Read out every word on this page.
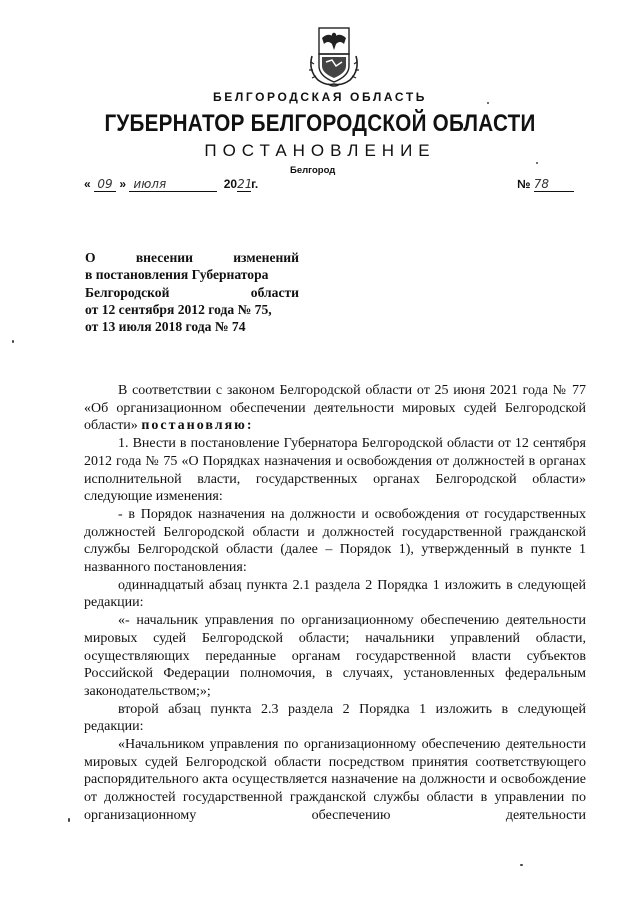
БЕЛГОРОДСКАЯ ОБЛАСТЬ
ГУБЕРНАТОР БЕЛГОРОДСКОЙ ОБЛАСТИ
ПОСТАНОВЛЕНИЕ
Белгород
« 09 » июля	2021г.	№ 78
О	внесении	изменений
в постановления Губернатора
Белгородской	области
от 12 сентября 2012 года № 75,
от 13 июля 2018 года № 74

В соответствии с законом Белгородской области от 25 июня 2021 года № 77 «Об организационном обеспечении деятельности мировых судей Белгородской области» постановляю:

1. Внести в постановление Губернатора Белгородской области от 12 сентября 2012 года № 75 «О Порядках назначения и освобождения от должностей в органах исполнительной власти, государственных органах Белгородской области» следующие изменения:

- в Порядок назначения на должности и освобождения от государственных должностей Белгородской области и должностей государственной гражданской службы Белгородской области (далее – Порядок 1), утвержденный в пункте 1 названного постановления:

одиннадцатый абзац пункта 2.1 раздела 2 Порядка 1 изложить в следующей редакции:

«- начальник управления по организационному обеспечению деятельности мировых судей Белгородской области; начальники управлений области, осуществляющих переданные органам государственной власти субъектов Российской Федерации полномочия, в случаях, установленных федеральным законодательством;»;

второй абзац пункта 2.3 раздела 2 Порядка 1 изложить в следующей редакции:

«Начальником управления по организационному обеспечению деятельности мировых судей Белгородской области посредством принятия соответствующего распорядительного акта осуществляется назначение на должности и освобождение от должностей государственной гражданской службы области в управлении по организационному обеспечению деятельности
